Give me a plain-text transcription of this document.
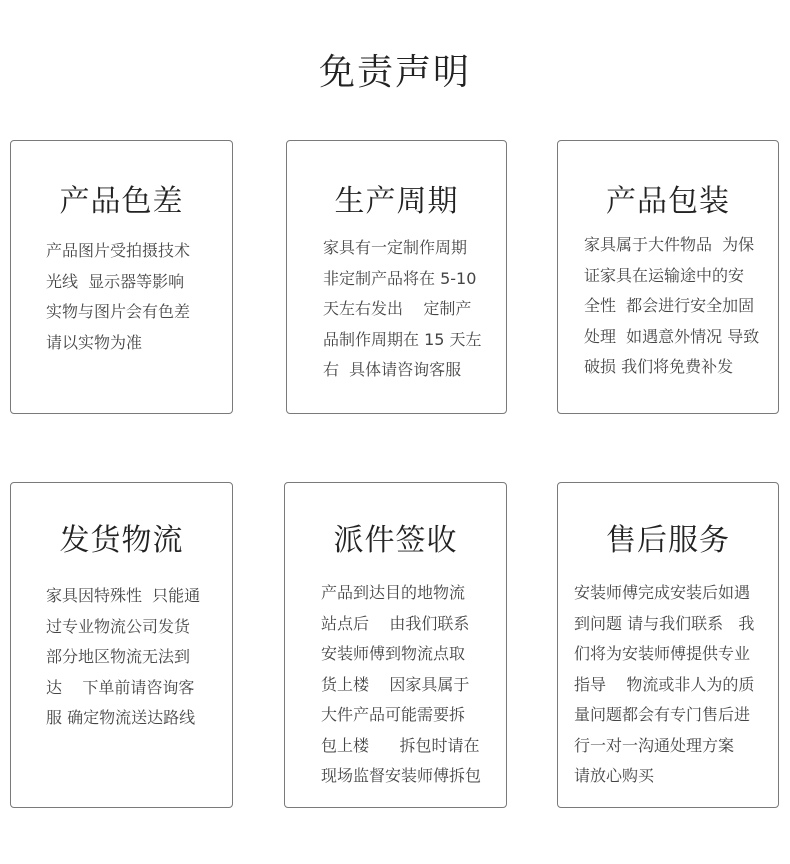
免责声明
产品色差
产品图片受拍摄技术
光线  显示器等影响
实物与图片会有色差
请以实物为准
生产周期
家具有一定制作周期
非定制产品将在 5-10
天左右发出    定制产
品制作周期在 15 天左
右  具体请咨询客服
产品包装
家具属于大件物品  为保
证家具在运输途中的安
全性  都会进行安全加固
处理  如遇意外情况 导致
破损 我们将免费补发
发货物流
家具因特殊性  只能通
过专业物流公司发货
部分地区物流无法到
达    下单前请咨询客
服 确定物流送达路线
派件签收
产品到达目的地物流
站点后    由我们联系
安装师傅到物流点取
货上楼    因家具属于
大件产品可能需要拆
包上楼      拆包时请在
现场监督安装师傅拆包
售后服务
安装师傅完成安装后如遇
到问题 请与我们联系   我
们将为安装师傅提供专业
指导    物流或非人为的质
量问题都会有专门售后进
行一对一沟通处理方案
请放心购买
